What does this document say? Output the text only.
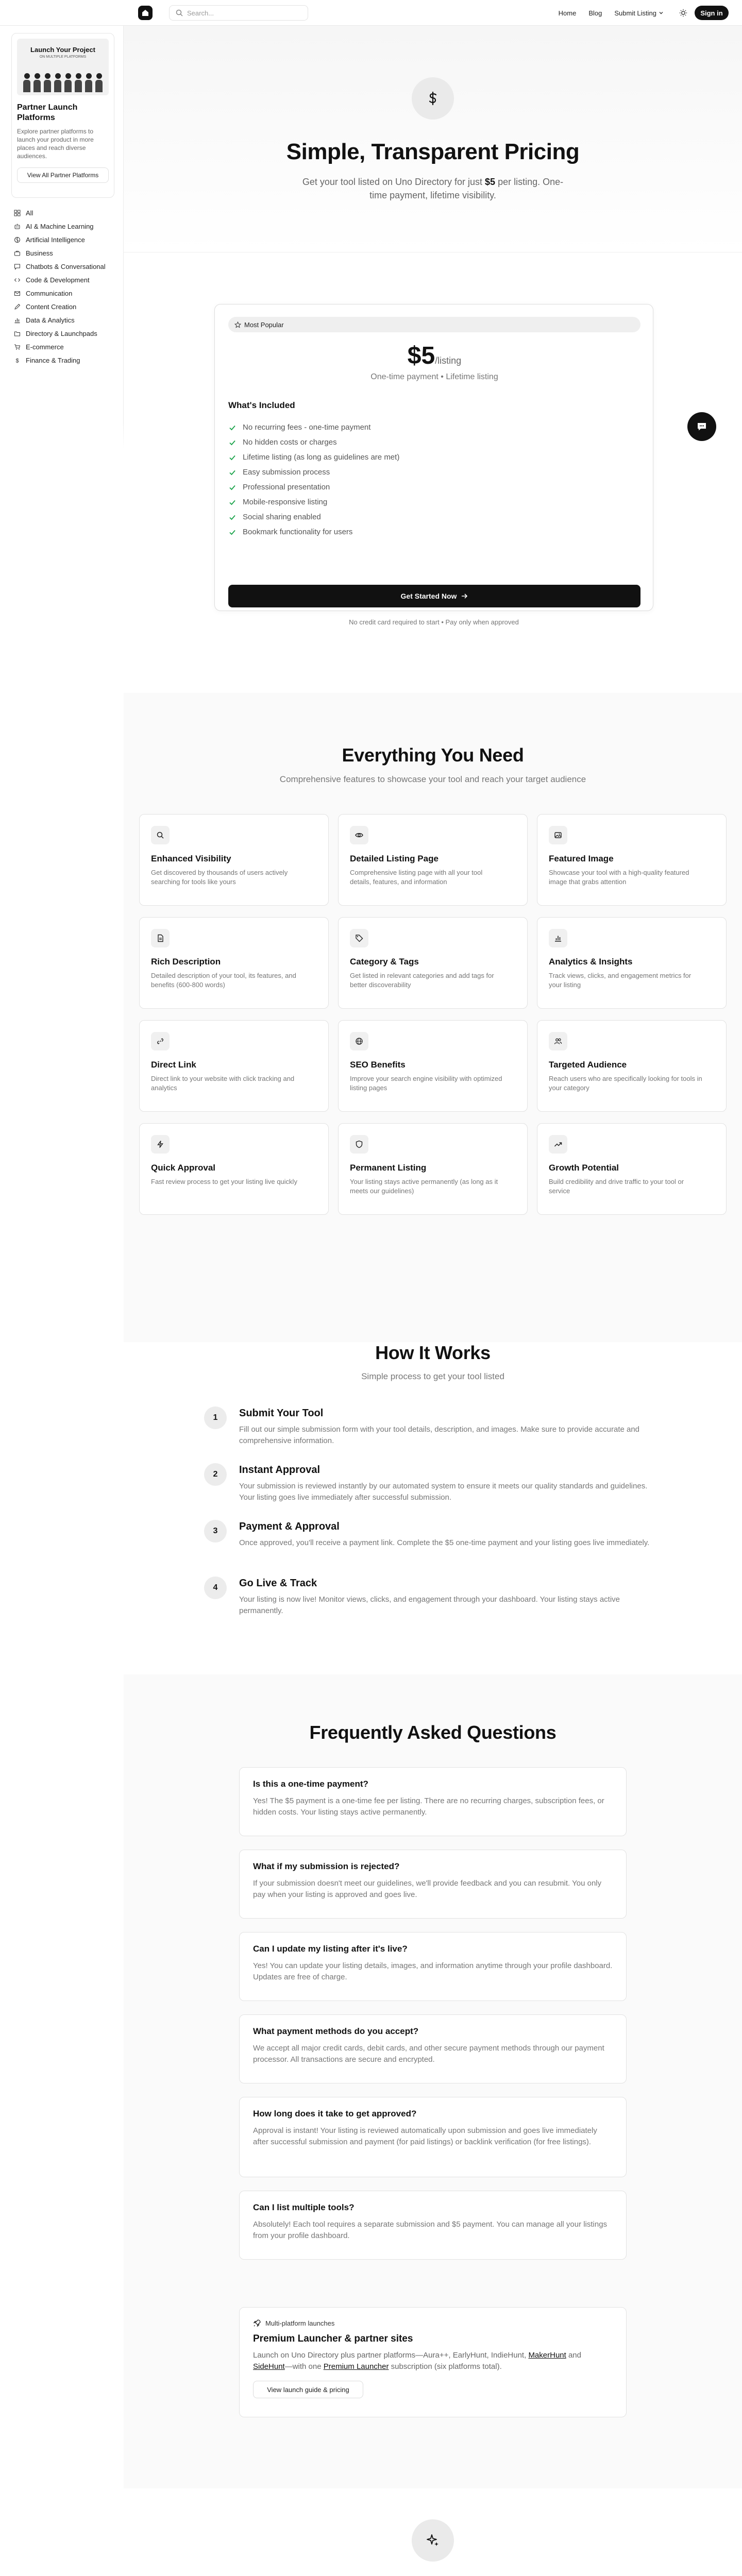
Search...
Home Blog Submit Listing	Sign in
Launch Your Project
ON MULTIPLE PLATFORMS
Partner Launch Platforms

Explore partner platforms to launch your product in more places and reach diverse audiences.

View All Partner Platforms
All
AI & Machine Learning
Artificial Intelligence
Business
Chatbots & Conversational
Code & Development
Communication
Content Creation
Data & Analytics
Directory & Launchpads
E-commerce
$ Finance & Trading
Simple, Transparent Pricing
Get your tool listed on Uno Directory for just $5 per listing. One-time payment, lifetime visibility.
Most Popular
$5/listing
One-time payment • Lifetime listing
What's Included
No recurring fees - one-time payment
No hidden costs or charges
Lifetime listing (as long as guidelines are met)
Easy submission process
Professional presentation
Mobile-responsive listing
Social sharing enabled
Bookmark functionality for users
Get Started Now
No credit card required to start • Pay only when approved
Everything You Need
Comprehensive features to showcase your tool and reach your target audience
Enhanced Visibility

Get discovered by thousands of users actively searching for tools like yours

Detailed Listing Page

Comprehensive listing page with all your tool details, features, and information

Featured Image

Showcase your tool with a high-quality featured image that grabs attention

Rich Description

Detailed description of your tool, its features, and benefits (600-800 words)

Category & Tags

Get listed in relevant categories and add tags for better discoverability

Analytics & Insights

Track views, clicks, and engagement metrics for your listing

Direct Link

Direct link to your website with click tracking and analytics

SEO Benefits

Improve your search engine visibility with optimized listing pages

Targeted Audience

Reach users who are specifically looking for tools in your category

Quick Approval

Fast review process to get your listing live quickly

Permanent Listing

Your listing stays active permanently (as long as it meets our guidelines)

Growth Potential

Build credibility and drive traffic to your tool or service

How It Works
Simple process to get your tool listed
1	Submit Your Tool

Fill out our simple submission form with your tool details, description, and images. Make sure to provide accurate and comprehensive information.

2	Instant Approval

Your submission is reviewed instantly by our automated system to ensure it meets our quality standards and guidelines. Your listing goes live immediately after successful submission.

3	Payment & Approval

Once approved, you'll receive a payment link. Complete the $5 one-time payment and your listing goes live immediately.

4	Go Live & Track

Your listing is now live! Monitor views, clicks, and engagement through your dashboard. Your listing stays active permanently.

Frequently Asked Questions
Is this a one-time payment?

Yes! The $5 payment is a one-time fee per listing. There are no recurring charges, subscription fees, or hidden costs. Your listing stays active permanently.

What if my submission is rejected?

If your submission doesn't meet our guidelines, we'll provide feedback and you can resubmit. You only pay when your listing is approved and goes live.

Can I update my listing after it's live?

Yes! You can update your listing details, images, and information anytime through your profile dashboard. Updates are free of charge.

What payment methods do you accept?

We accept all major credit cards, debit cards, and other secure payment methods through our payment processor. All transactions are secure and encrypted.

How long does it take to get approved?

Approval is instant! Your listing is reviewed automatically upon submission and goes live immediately after successful submission and payment (for paid listings) or backlink verification (for free listings).

Can I list multiple tools?

Absolutely! Each tool requires a separate submission and $5 payment. You can manage all your listings from your profile dashboard.

Multi-platform launches
Premium Launcher & partner sites

Launch on Uno Directory plus partner platforms—Aura++, EarlyHunt, IndieHunt, MakerHunt and SideHunt—with one Premium Launcher subscription (six platforms total).

View launch guide & pricing
